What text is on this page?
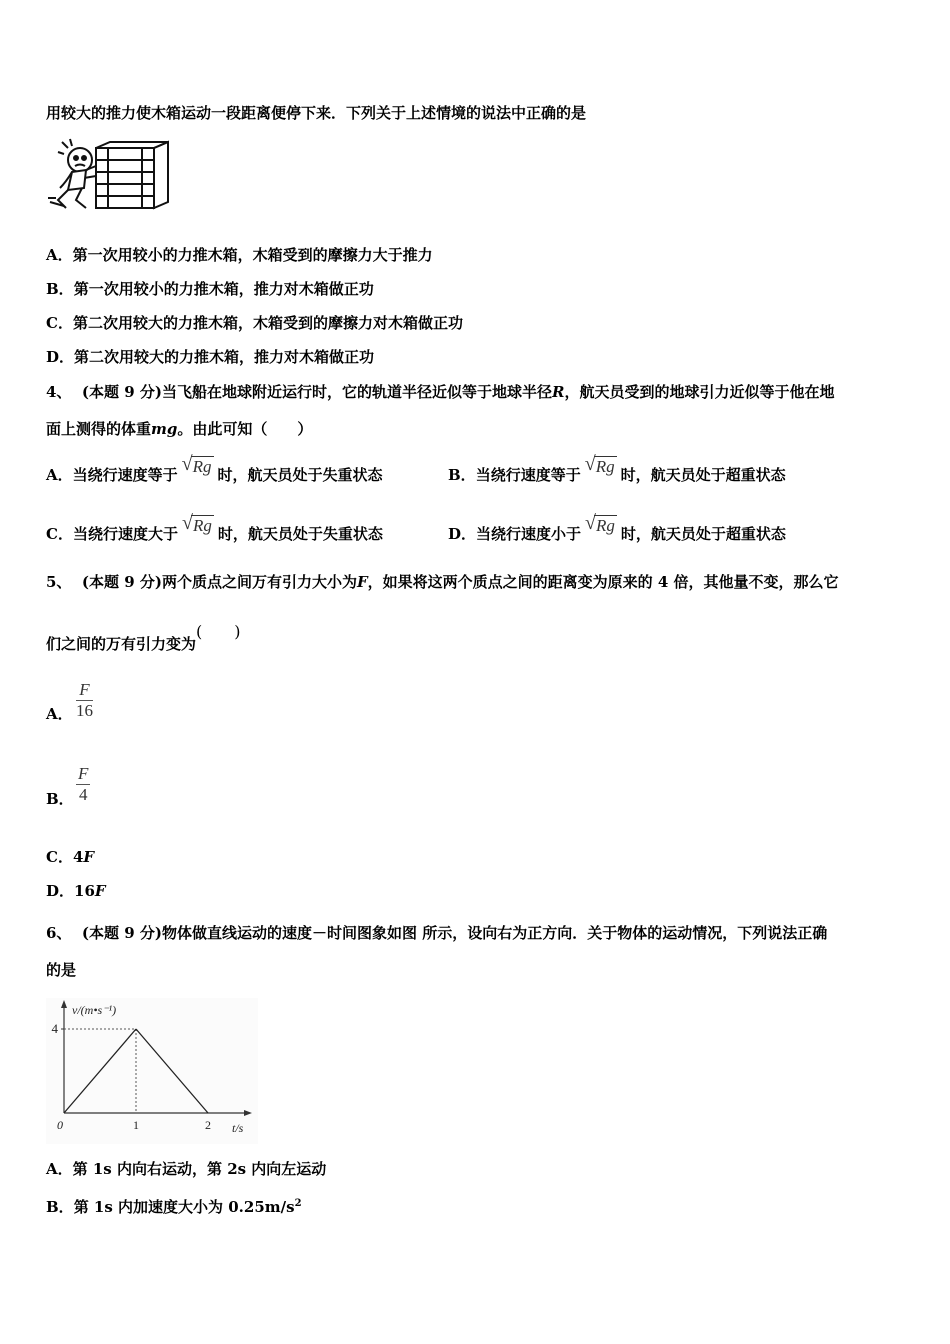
用较大的推力使木箱运动一段距离便停下来．下列关于上述情境的说法中正确的是
A．第一次用较小的力推木箱，木箱受到的摩擦力大于推力
B．第一次用较小的力推木箱，推力对木箱做正功
C．第二次用较大的力推木箱，木箱受到的摩擦力对木箱做正功
D．第二次用较大的力推木箱，推力对木箱做正功
4、 (本题 9 分)当飞船在地球附近运行时，它的轨道半径近似等于地球半径R，航天员受到的地球引力近似等于他在地
面上测得的体重mg。由此可知（　　）
A．当绕行速度等于 √ Rg 时，航天员处于失重状态	B．当绕行速度等于 √ Rg 时，航天员处于超重状态
C．当绕行速度大于 √ Rg 时，航天员处于失重状态	D．当绕行速度小于 √ Rg 时，航天员处于超重状态
5、 (本题 9 分)两个质点之间万有引力大小为F，如果将这两个质点之间的距离变为原来的 4 倍，其他量不变，那么它
们之间的万有引力变为(　　)
A．
F
16
B．
F
4
C．4F
D．16F
6、 (本题 9 分)物体做直线运动的速度－时间图象如图 所示，设向右为正方向．关于物体的运动情况，下列说法正确
的是
v/(m•s⁻¹)
t/s
0	1	2
4
A．第 1s 内向右运动，第 2s 内向左运动
B．第 1s 内加速度大小为 $0.25m/s^2$
